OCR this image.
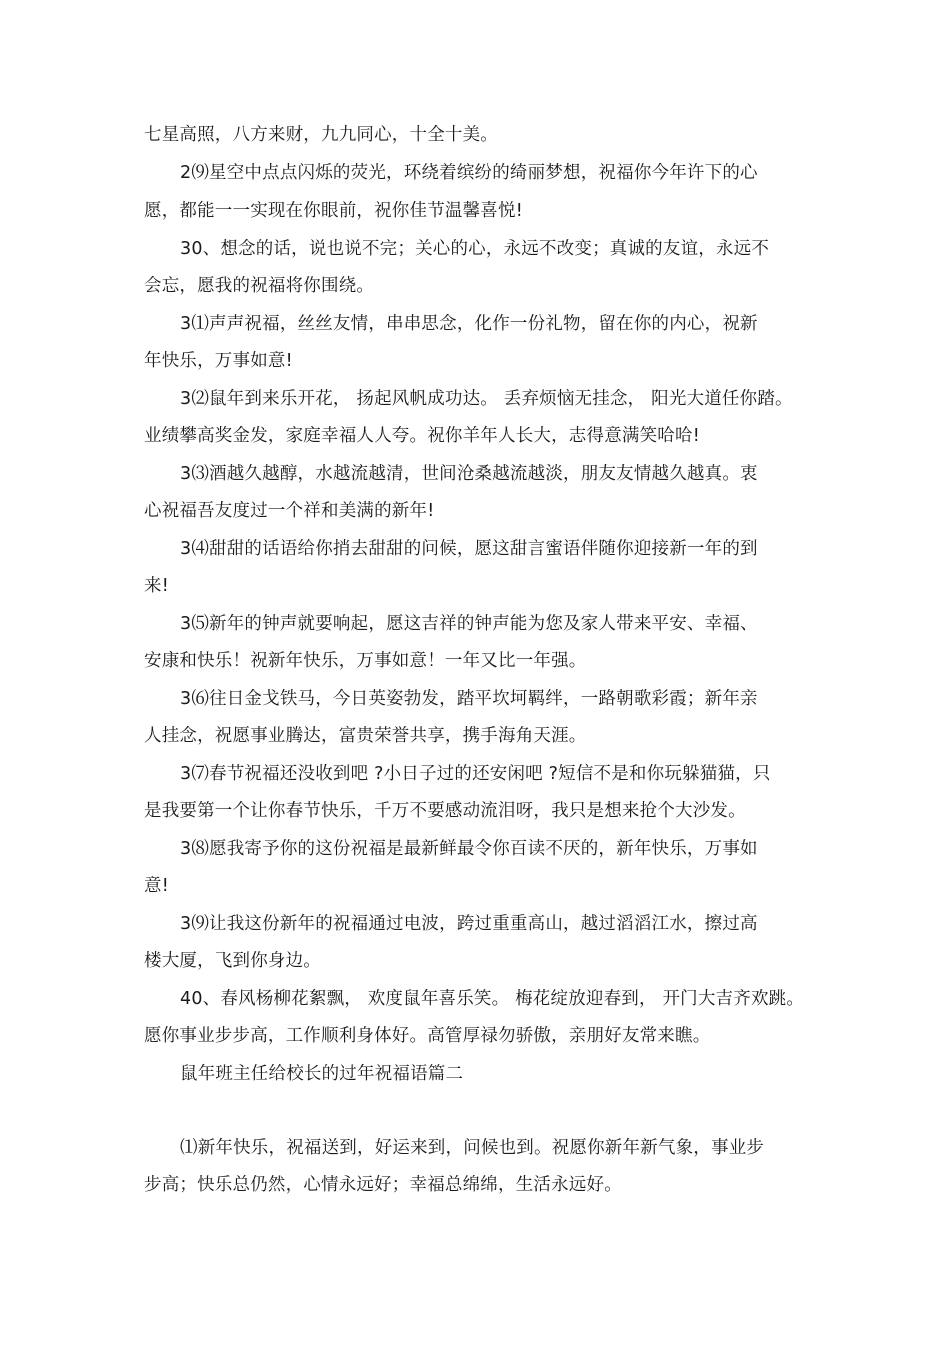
七星高照，八方来财，九九同心，十全十美。
2⑼星空中点点闪烁的荧光，环绕着缤纷的绮丽梦想，祝福你今年许下的心
愿，都能一一实现在你眼前，祝你佳节温馨喜悦!
30、想念的话，说也说不完；关心的心，永远不改变；真诚的友谊，永远不
会忘，愿我的祝福将你围绕。
3⑴声声祝福，丝丝友情，串串思念，化作一份礼物，留在你的内心，祝新
年快乐，万事如意!
3⑵鼠年到来乐开花， 扬起风帆成功达。 丢弃烦恼无挂念， 阳光大道任你踏。
业绩攀高奖金发，家庭幸福人人夸。祝你羊年人长大，志得意满笑哈哈!
3⑶酒越久越醇，水越流越清，世间沧桑越流越淡，朋友友情越久越真。衷
心祝福吾友度过一个祥和美满的新年!
3⑷甜甜的话语给你捎去甜甜的问候，愿这甜言蜜语伴随你迎接新一年的到
来!
3⑸新年的钟声就要响起，愿这吉祥的钟声能为您及家人带来平安、幸福、
安康和快乐！祝新年快乐，万事如意！一年又比一年强。
3⑹往日金戈铁马，今日英姿勃发，踏平坎坷羁绊，一路朝歌彩霞；新年亲
人挂念，祝愿事业腾达，富贵荣誉共享，携手海角天涯。
3⑺春节祝福还没收到吧 ?小日子过的还安闲吧 ?短信不是和你玩躲猫猫，只
是我要第一个让你春节快乐，千万不要感动流泪呀，我只是想来抢个大沙发。
3⑻愿我寄予你的这份祝福是最新鲜最令你百读不厌的，新年快乐，万事如
意!
3⑼让我这份新年的祝福通过电波，跨过重重高山，越过滔滔江水，擦过高
楼大厦，飞到你身边。
40、春风杨柳花絮飘， 欢度鼠年喜乐笑。 梅花绽放迎春到， 开门大吉齐欢跳。
愿你事业步步高，工作顺利身体好。高管厚禄勿骄傲，亲朋好友常来瞧。
鼠年班主任给校长的过年祝福语篇二
⑴新年快乐，祝福送到，好运来到，问候也到。祝愿你新年新气象，事业步
步高；快乐总仍然，心情永远好；幸福总绵绵，生活永远好。
